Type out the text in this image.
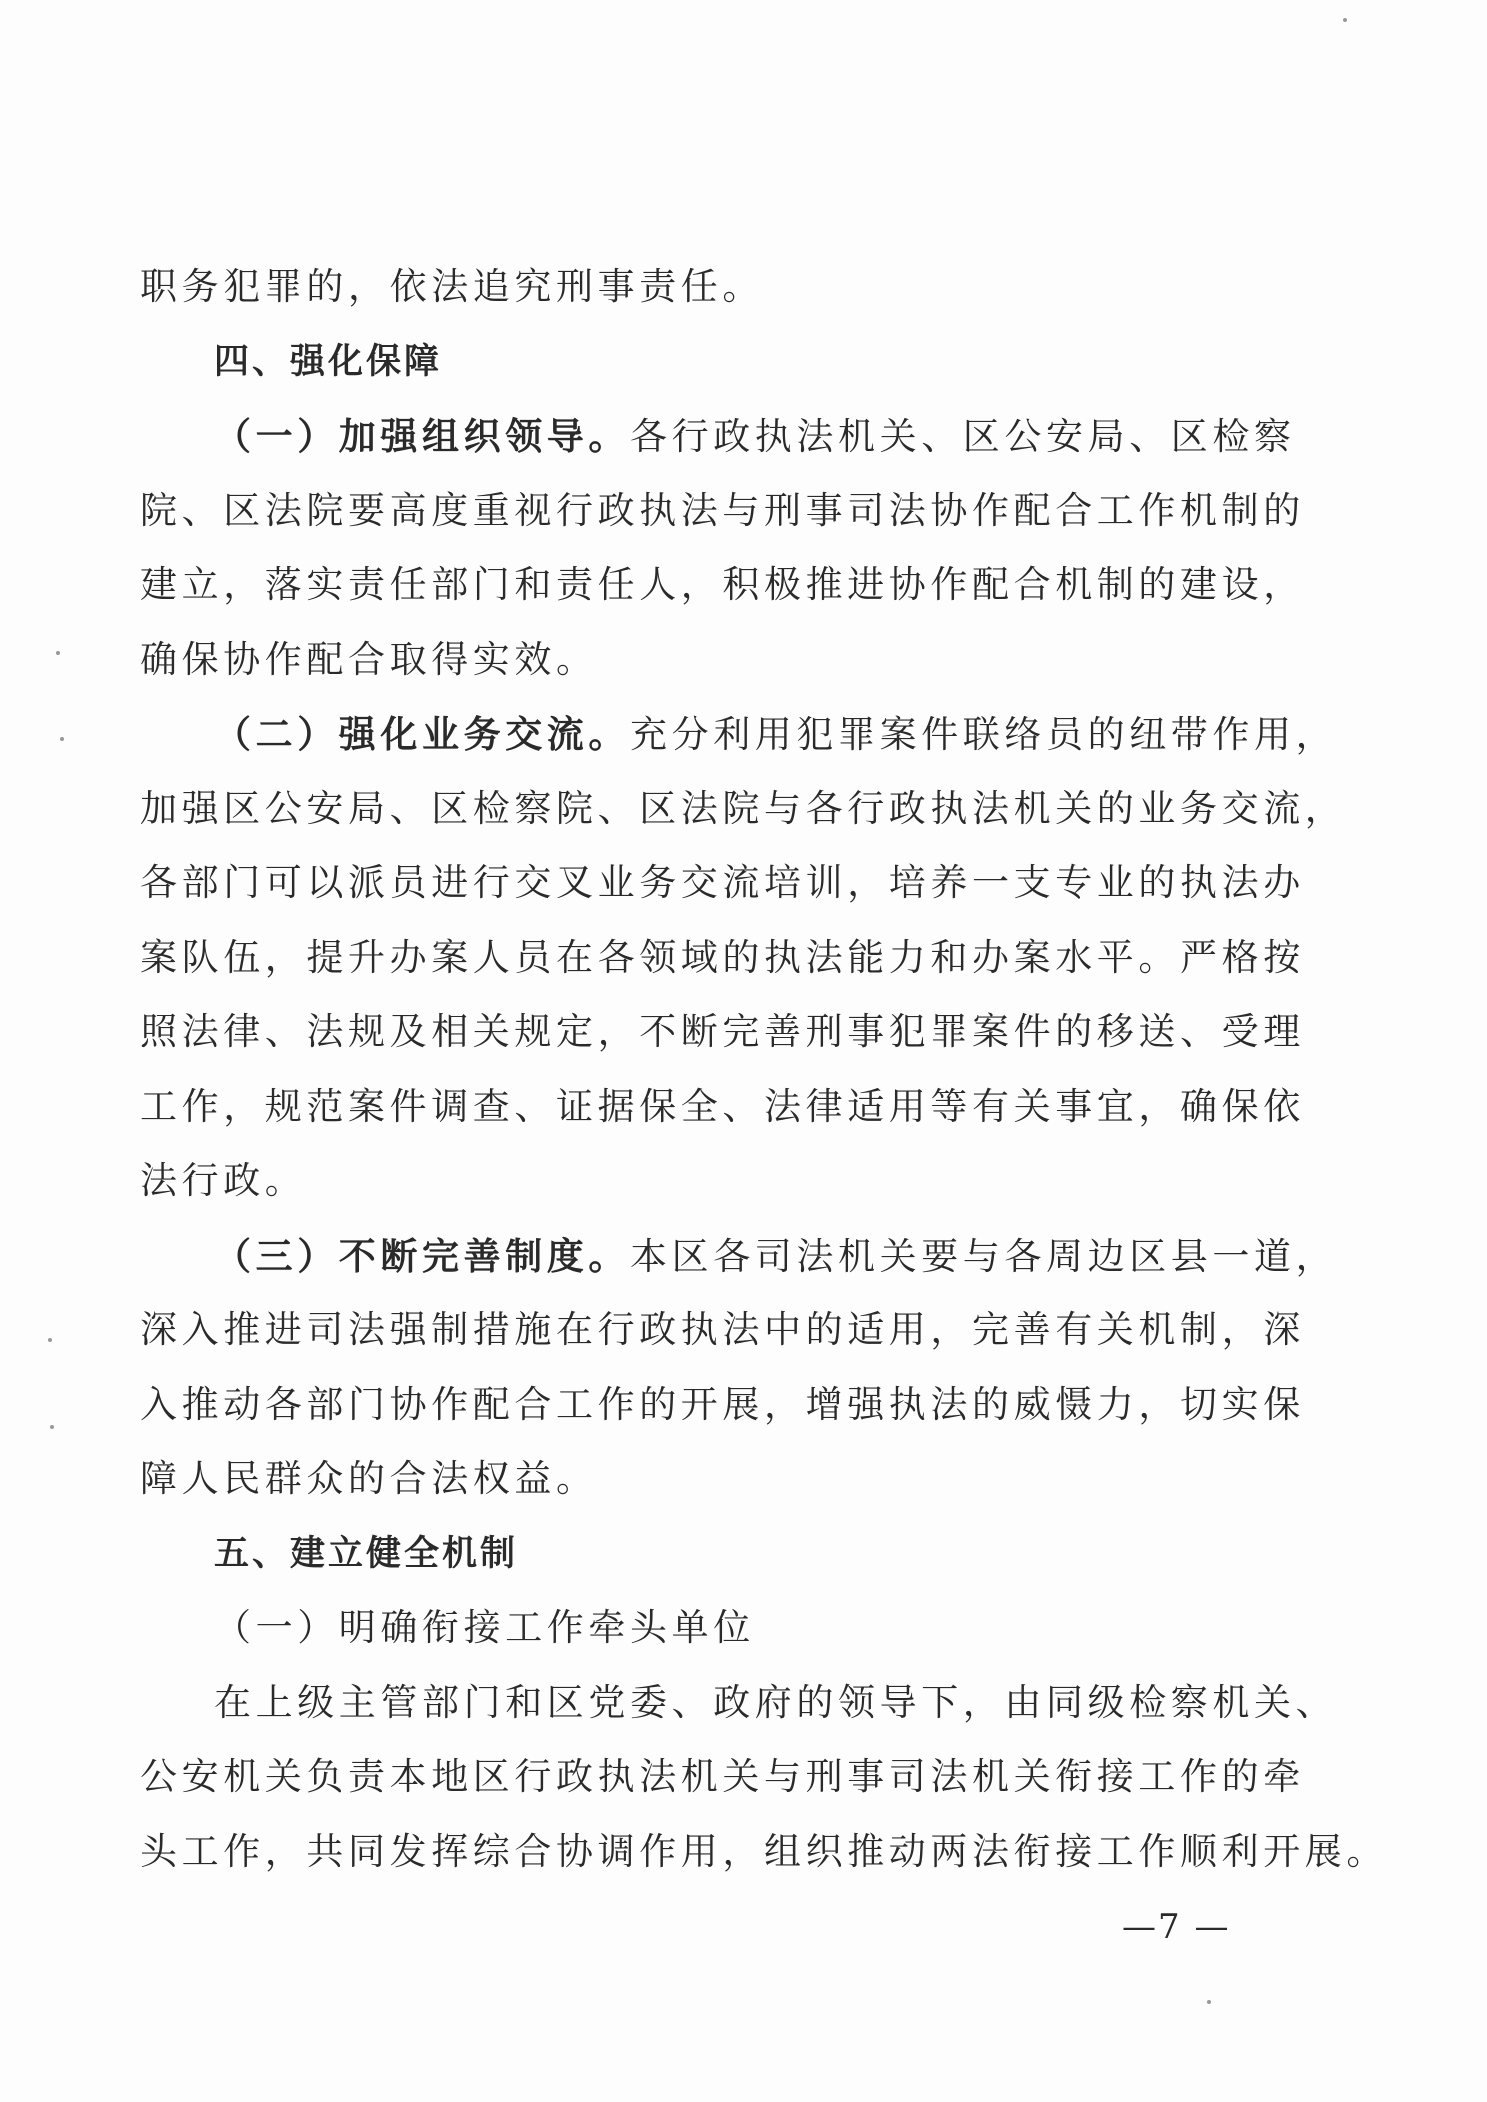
职务犯罪的，依法追究刑事责任。
四、强化保障
（一）加强组织领导。各行政执法机关、区公安局、区检察
院、区法院要高度重视行政执法与刑事司法协作配合工作机制的
建立，落实责任部门和责任人，积极推进协作配合机制的建设，
确保协作配合取得实效。
（二）强化业务交流。充分利用犯罪案件联络员的纽带作用，
加强区公安局、区检察院、区法院与各行政执法机关的业务交流，
各部门可以派员进行交叉业务交流培训，培养一支专业的执法办
案队伍，提升办案人员在各领域的执法能力和办案水平。严格按
照法律、法规及相关规定，不断完善刑事犯罪案件的移送、受理
工作，规范案件调查、证据保全、法律适用等有关事宜，确保依
法行政。
（三）不断完善制度。本区各司法机关要与各周边区县一道，
深入推进司法强制措施在行政执法中的适用，完善有关机制，深
入推动各部门协作配合工作的开展，增强执法的威慑力，切实保
障人民群众的合法权益。
五、建立健全机制
（一）明确衔接工作牵头单位
在上级主管部门和区党委、政府的领导下，由同级检察机关、
公安机关负责本地区行政执法机关与刑事司法机关衔接工作的牵
头工作，共同发挥综合协调作用，组织推动两法衔接工作顺利开展。
—7 —
